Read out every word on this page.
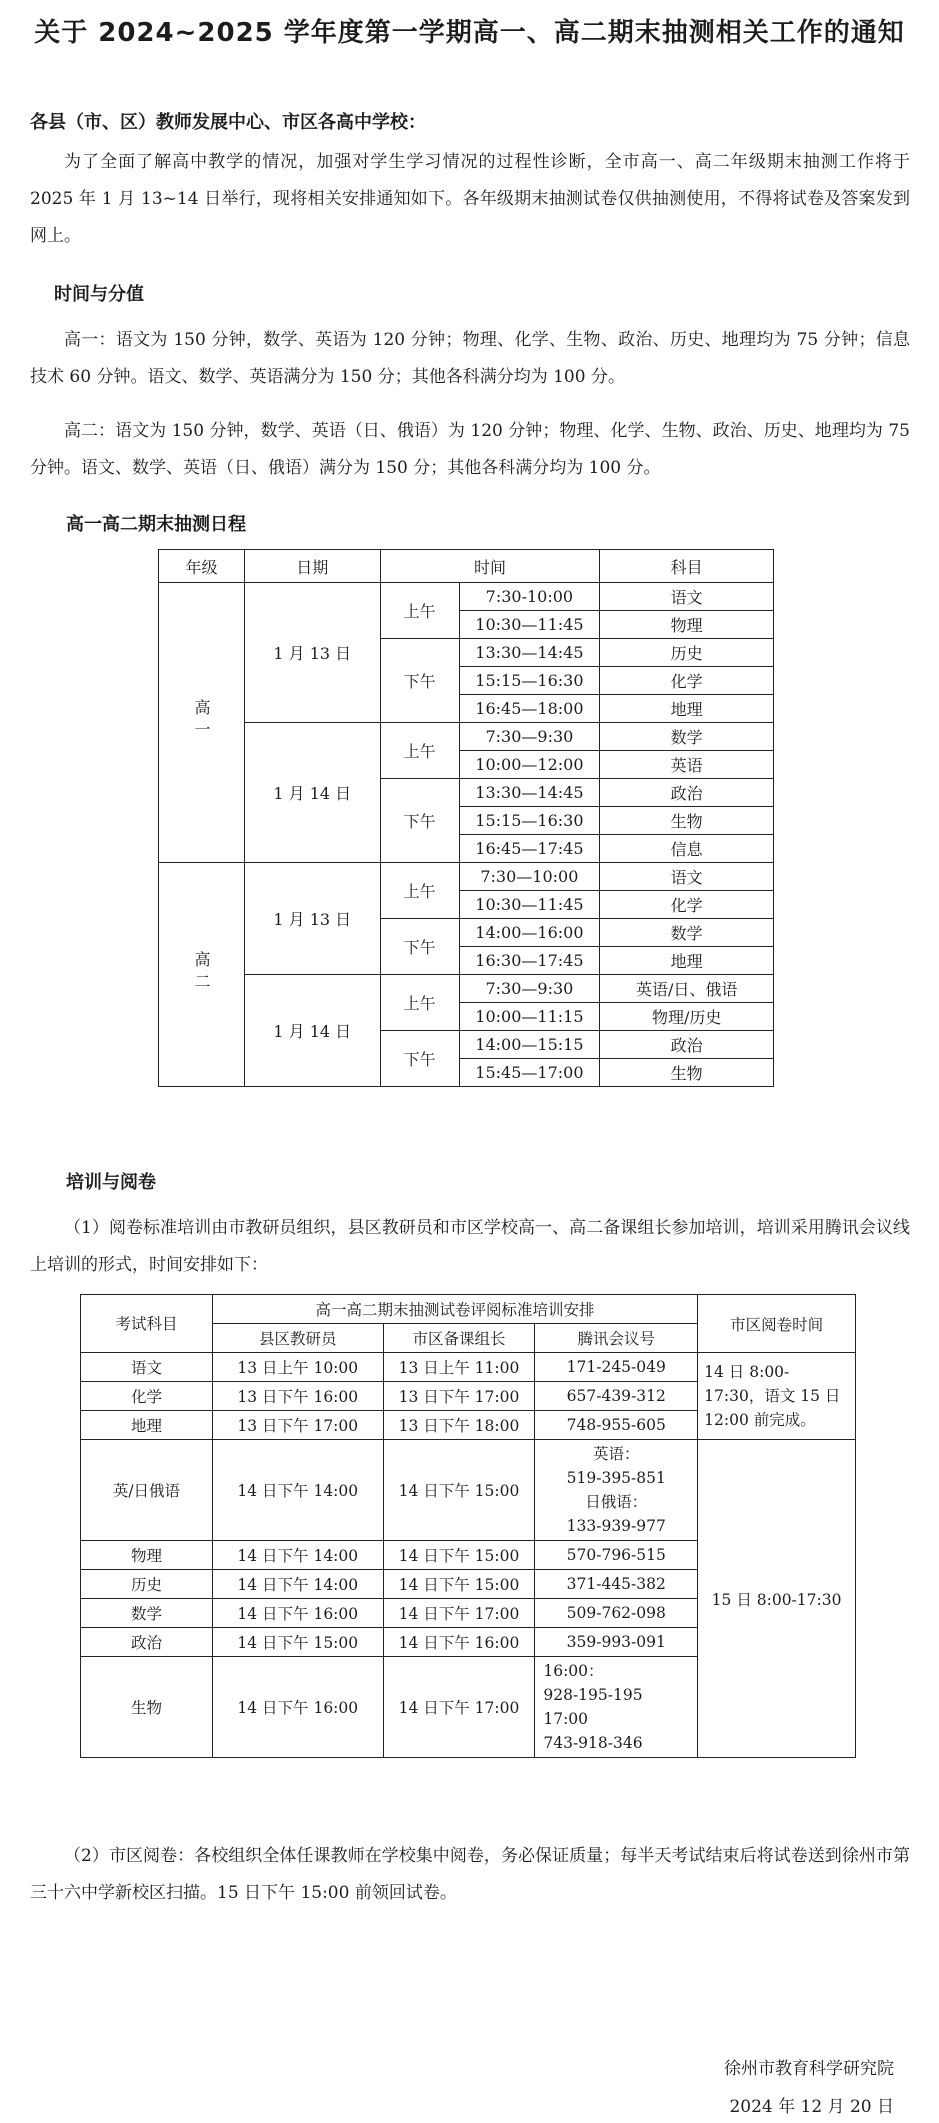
关于 2024~2025 学年度第一学期高一、高二期末抽测相关工作的通知
各县（市、区）教师发展中心、市区各高中学校：

为了全面了解高中教学的情况，加强对学生学习情况的过程性诊断，全市高一、高二年级期末抽测工作将于 2025 年 1 月 13~14 日举行，现将相关安排通知如下。各年级期末抽测试卷仅供抽测使用，不得将试卷及答案发到网上。

时间与分值

高一：语文为 150 分钟，数学、英语为 120 分钟；物理、化学、生物、政治、历史、地理均为 75 分钟；信息技术 60 分钟。语文、数学、英语满分为 150 分；其他各科满分均为 100 分。

高二：语文为 150 分钟，数学、英语（日、俄语）为 120 分钟；物理、化学、生物、政治、历史、地理均为 75 分钟。语文、数学、英语（日、俄语）满分为 150 分；其他各科满分均为 100 分。

高一高二期末抽测日程
年级	日期	时间		科目
高一	1 月 13 日	上午	7:30-10:00	语文
			10:30—11:45	物理
		下午	13:30—14:45	历史
			15:15—16:30	化学
			16:45—18:00	地理
	1 月 14 日	上午	7:30—9:30	数学
			10:00—12:00	英语
		下午	13:30—14:45	政治
			15:15—16:30	生物
			16:45—17:45	信息
高二	1 月 13 日	上午	7:30—10:00	语文
			10:30—11:45	化学
		下午	14:00—16:00	数学
			16:30—17:45	地理
	1 月 14 日	上午	7:30—9:30	英语/日、俄语
			10:00—11:15	物理/历史
		下午	14:00—15:15	政治
			15:45—17:00	生物
培训与阅卷

（1）阅卷标准培训由市教研员组织，县区教研员和市区学校高一、高二备课组长参加培训，培训采用腾讯会议线上培训的形式，时间安排如下：

考试科目	高一高二期末抽测试卷评阅标准培训安排			市区阅卷时间
	县区教研员	市区备课组长	腾讯会议号	
语文	13 日上午 10:00	13 日上午 11:00	171-245-049	14 日 8:00-17:30，语文 15 日 12:00 前完成。
化学	13 日下午 16:00	13 日下午 17:00	657-439-312	
地理	13 日下午 17:00	13 日下午 18:00	748-955-605	
英/日俄语	14 日下午 14:00	14 日下午 15:00	英语：
519-395-851
日俄语：
133-939-977	15 日 8:00-17:30
物理	14 日下午 14:00	14 日下午 15:00	570-796-515	
历史	14 日下午 14:00	14 日下午 15:00	371-445-382	
数学	14 日下午 16:00	14 日下午 17:00	509-762-098	
政治	14 日下午 15:00	14 日下午 16:00	359-993-091	
生物	14 日下午 16:00	14 日下午 17:00	16:00：
928-195-195
17:00
743-918-346	

（2）市区阅卷：各校组织全体任课教师在学校集中阅卷，务必保证质量；每半天考试结束后将试卷送到徐州市第三十六中学新校区扫描。15 日下午 15:00 前领回试卷。

徐州市教育科学研究院
2024 年 12 月 20 日
